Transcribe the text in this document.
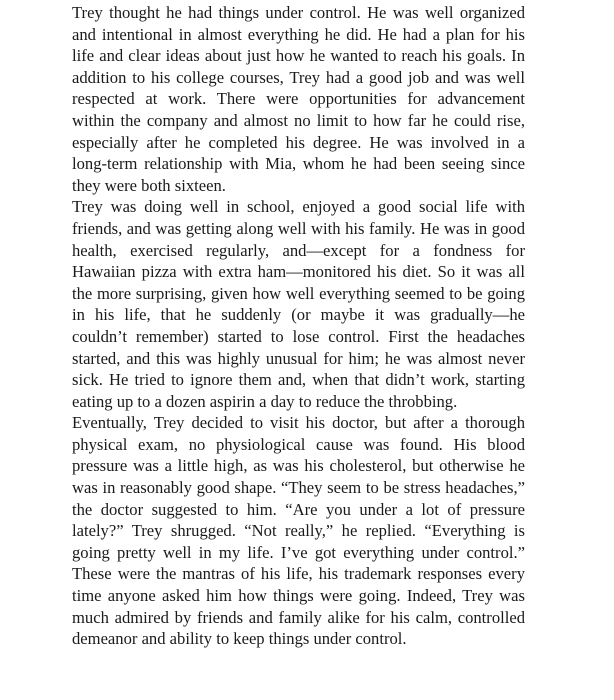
Trey thought he had things under control. He was well organized and intentional in almost everything he did. He had a plan for his life and clear ideas about just how he wanted to reach his goals. In addition to his college courses, Trey had a good job and was well respected at work. There were opportunities for advancement within the company and almost no limit to how far he could rise, especially after he completed his degree. He was involved in a long-term relationship with Mia, whom he had been seeing since they were both sixteen.

Trey was doing well in school, enjoyed a good social life with friends, and was getting along well with his family. He was in good health, exercised regularly, and—except for a fondness for Hawaiian pizza with extra ham—monitored his diet. So it was all the more surprising, given how well everything seemed to be going in his life, that he suddenly (or maybe it was gradually—he couldn’t remember) started to lose control. First the headaches started, and this was highly unusual for him; he was almost never sick. He tried to ignore them and, when that didn’t work, starting eating up to a dozen aspirin a day to reduce the throbbing.

Eventually, Trey decided to visit his doctor, but after a thorough physical exam, no physiological cause was found. His blood pressure was a little high, as was his cholesterol, but otherwise he was in reasonably good shape. “They seem to be stress headaches,” the doctor suggested to him. “Are you under a lot of pressure lately?” Trey shrugged. “Not really,” he replied. “Everything is going pretty well in my life. I’ve got everything under control.” These were the mantras of his life, his trademark responses every time anyone asked him how things were going. Indeed, Trey was much admired by friends and family alike for his calm, controlled demeanor and ability to keep things under control.
